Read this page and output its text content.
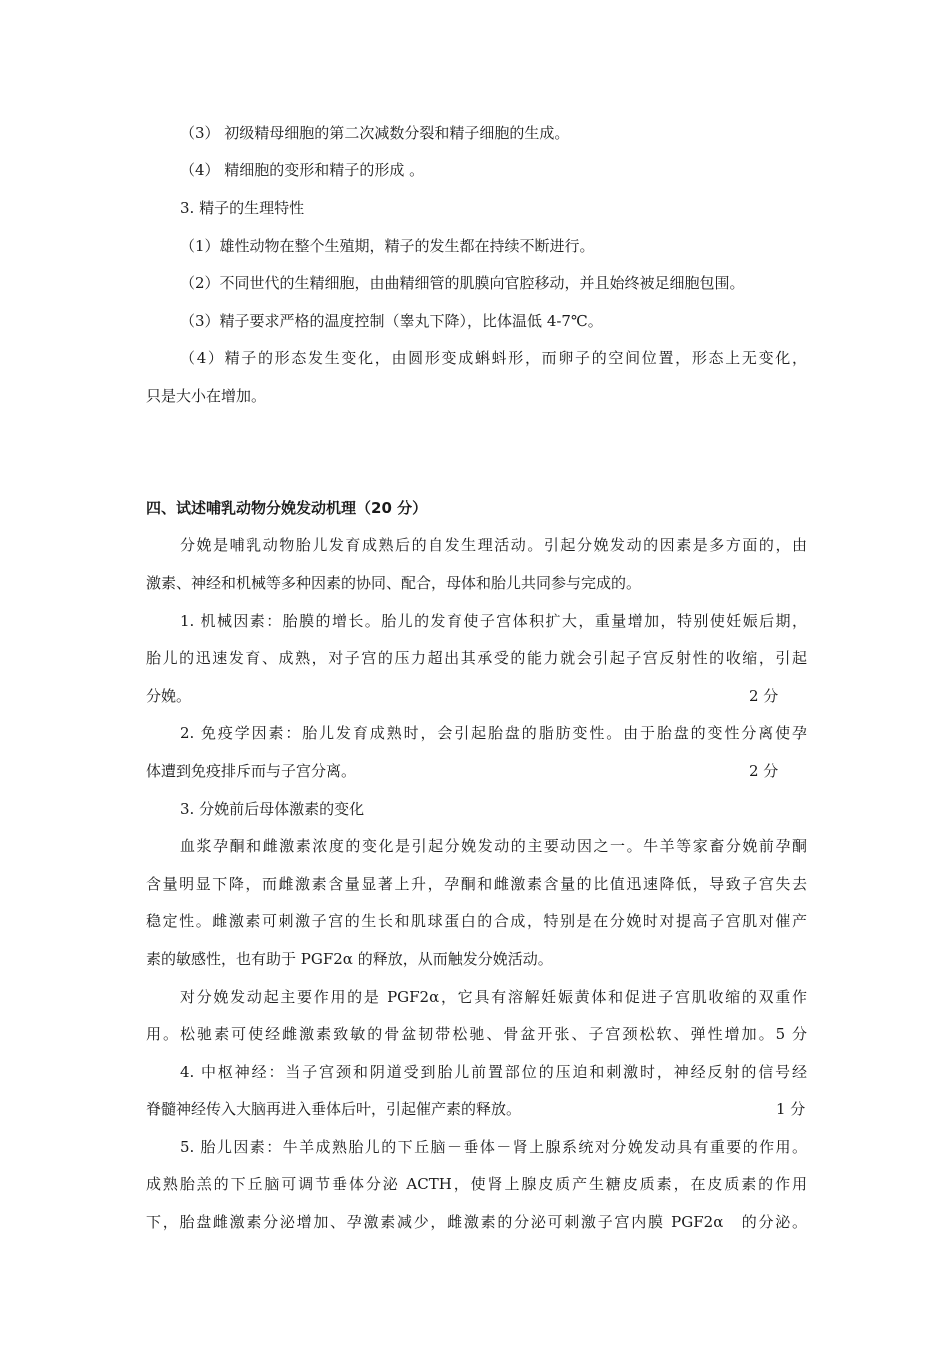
（3） 初级精母细胞的第二次减数分裂和精子细胞的生成。
（4） 精细胞的变形和精子的形成 。
3. 精子的生理特性
（1）雄性动物在整个生殖期，精子的发生都在持续不断进行。
（2）不同世代的生精细胞，由曲精细管的肌膜向官腔移动，并且始终被足细胞包围。
（3）精子要求严格的温度控制（睾丸下降），比体温低 4-7℃。
（4）精子的形态发生变化，由圆形变成蝌蚪形，而卵子的空间位置，形态上无变化，
只是大小在增加。
四、试述哺乳动物分娩发动机理（20 分）
分娩是哺乳动物胎儿发育成熟后的自发生理活动。引起分娩发动的因素是多方面的，由
激素、神经和机械等多种因素的协同、配合，母体和胎儿共同参与完成的。
1. 机械因素：胎膜的增长。胎儿的发育使子宫体积扩大，重量增加，特别使妊娠后期，
胎儿的迅速发育、成熟，对子宫的压力超出其承受的能力就会引起子宫反射性的收缩，引起
分娩。	2 分
2. 免疫学因素：胎儿发育成熟时，会引起胎盘的脂肪变性。由于胎盘的变性分离使孕
体遭到免疫排斥而与子宫分离。	2 分
3. 分娩前后母体激素的变化
血浆孕酮和雌激素浓度的变化是引起分娩发动的主要动因之一。牛羊等家畜分娩前孕酮
含量明显下降，而雌激素含量显著上升，孕酮和雌激素含量的比值迅速降低，导致子宫失去
稳定性。雌激素可刺激子宫的生长和肌球蛋白的合成，特别是在分娩时对提高子宫肌对催产
素的敏感性，也有助于 PGF2α 的释放，从而触发分娩活动。
对分娩发动起主要作用的是 PGF2α，它具有溶解妊娠黄体和促进子宫肌收缩的双重作
用。松驰素可使经雌激素致敏的骨盆韧带松驰、骨盆开张、子宫颈松软、弹性增加。5 分
4. 中枢神经：当子宫颈和阴道受到胎儿前置部位的压迫和刺激时，神经反射的信号经
脊髓神经传入大脑再进入垂体后叶，引起催产素的释放。	1 分
5. 胎儿因素：牛羊成熟胎儿的下丘脑－垂体－肾上腺系统对分娩发动具有重要的作用。
成熟胎羔的下丘脑可调节垂体分泌 ACTH，使肾上腺皮质产生糖皮质素，在皮质素的作用
下，胎盘雌激素分泌增加、孕激素减少，雌激素的分泌可刺激子宫内膜 PGF2α　的分泌。
